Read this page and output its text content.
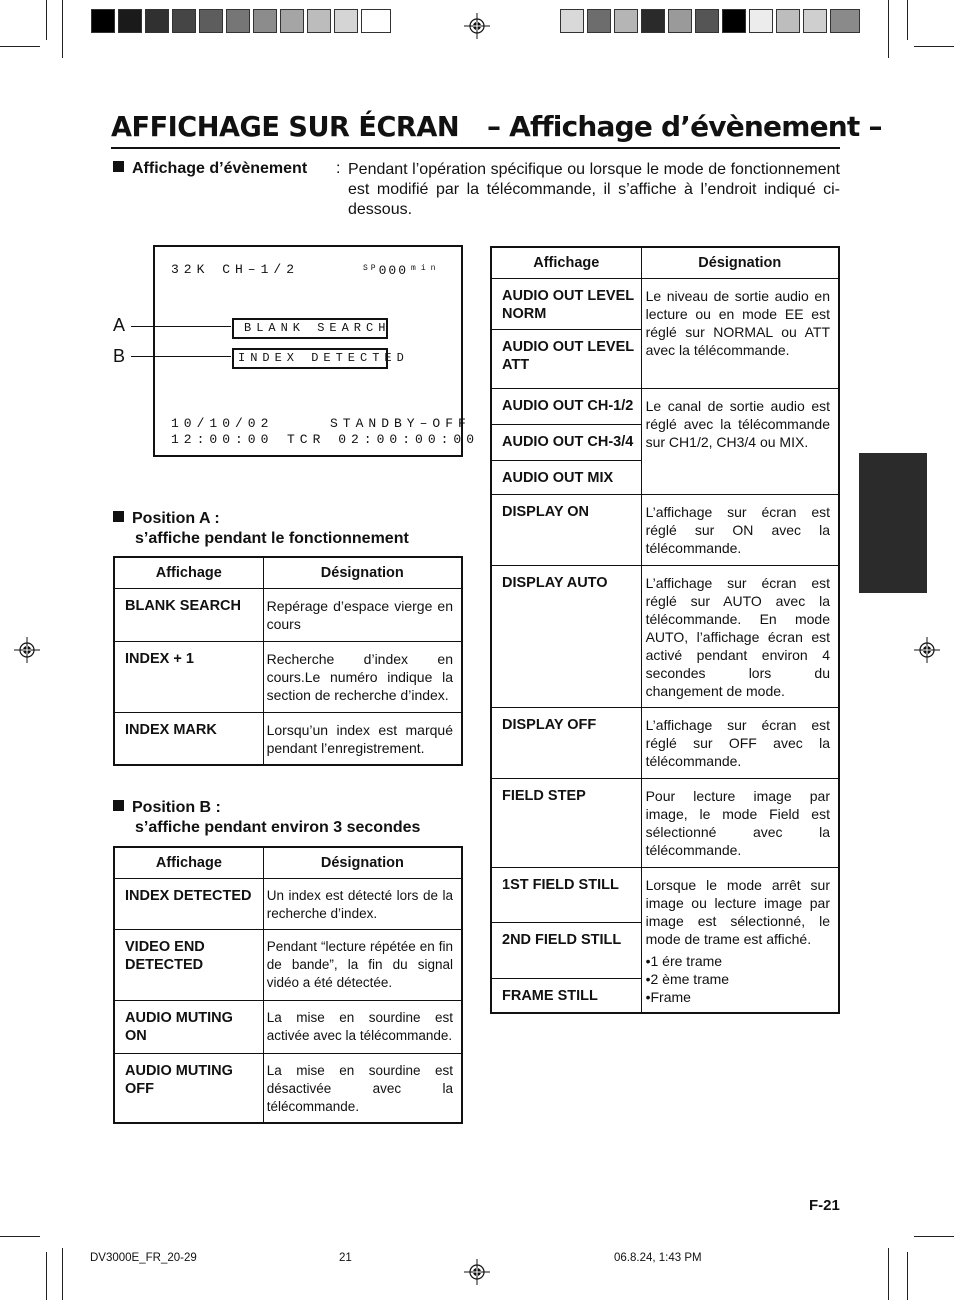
AFFICHAGE SUR ÉCRAN – Affichage d’évènement –
Affichage d’évènement : Pendant l’opération spécifique ou lorsque le mode de fonctionnement est modifié par la télécommande, il s’affiche à l’endroit indiqué ci-dessous.
32K CH–1/2	$^{SP}$000 $^{min}$
BLANK SEARCH
INDEX DETECTED
10/10/02	STANDBY–OFF
12:00:00 TCR 02:00:00:00
A
B
Position A :
s’affiche pendant le fonctionnement
Affichage	Désignation
BLANK SEARCH	Repérage d’espace vierge en cours
INDEX + 1	Recherche d’index en cours.Le numéro indique la section de recherche d’index.
INDEX MARK	Lorsqu’un index est marqué pendant l’enregistrement.
Position B :
s’affiche pendant environ 3 secondes
Affichage	Désignation
INDEX DETECTED	Un index est détecté lors de la recherche d’index.
VIDEO END DETECTED	Pendant “lecture répétée en fin de bande”, la fin du signal vidéo a été détectée.
AUDIO MUTING ON	La mise en sourdine est activée avec la télécommande.
AUDIO MUTING OFF	La mise en sourdine est désactivée avec la télécommande.
Affichage	Désignation
AUDIO OUT LEVEL NORM	Le niveau de sortie audio en lecture ou en mode EE est réglé sur NORMAL ou ATT avec la télécommande.
AUDIO OUT LEVEL ATT	
AUDIO OUT CH-1/2	Le canal de sortie audio est réglé avec la télécommande sur CH1/2, CH3/4 ou MIX.
AUDIO OUT CH-3/4	
AUDIO OUT MIX	
DISPLAY ON	L’affichage sur écran est réglé sur ON avec la télécommande.
DISPLAY AUTO	L’affichage sur écran est réglé sur AUTO avec la télécommande. En mode AUTO, l’affichage écran est activé pendant environ 4 secondes lors du changement de mode.
DISPLAY OFF	L’affichage sur écran est réglé sur OFF avec la télécommande.
FIELD STEP	Pour lecture image par image, le mode Field est sélectionné avec la télécommande.
1ST FIELD STILL	Lorsque le mode arrêt sur image ou lecture image par image est sélectionné, le mode de trame est affiché.
•1 ére trame
•2 ème trame
•Frame

2ND FIELD STILL	
FRAME STILL	
F-21
DV3000E_FR_20-29	21	06.8.24, 1:43 PM
